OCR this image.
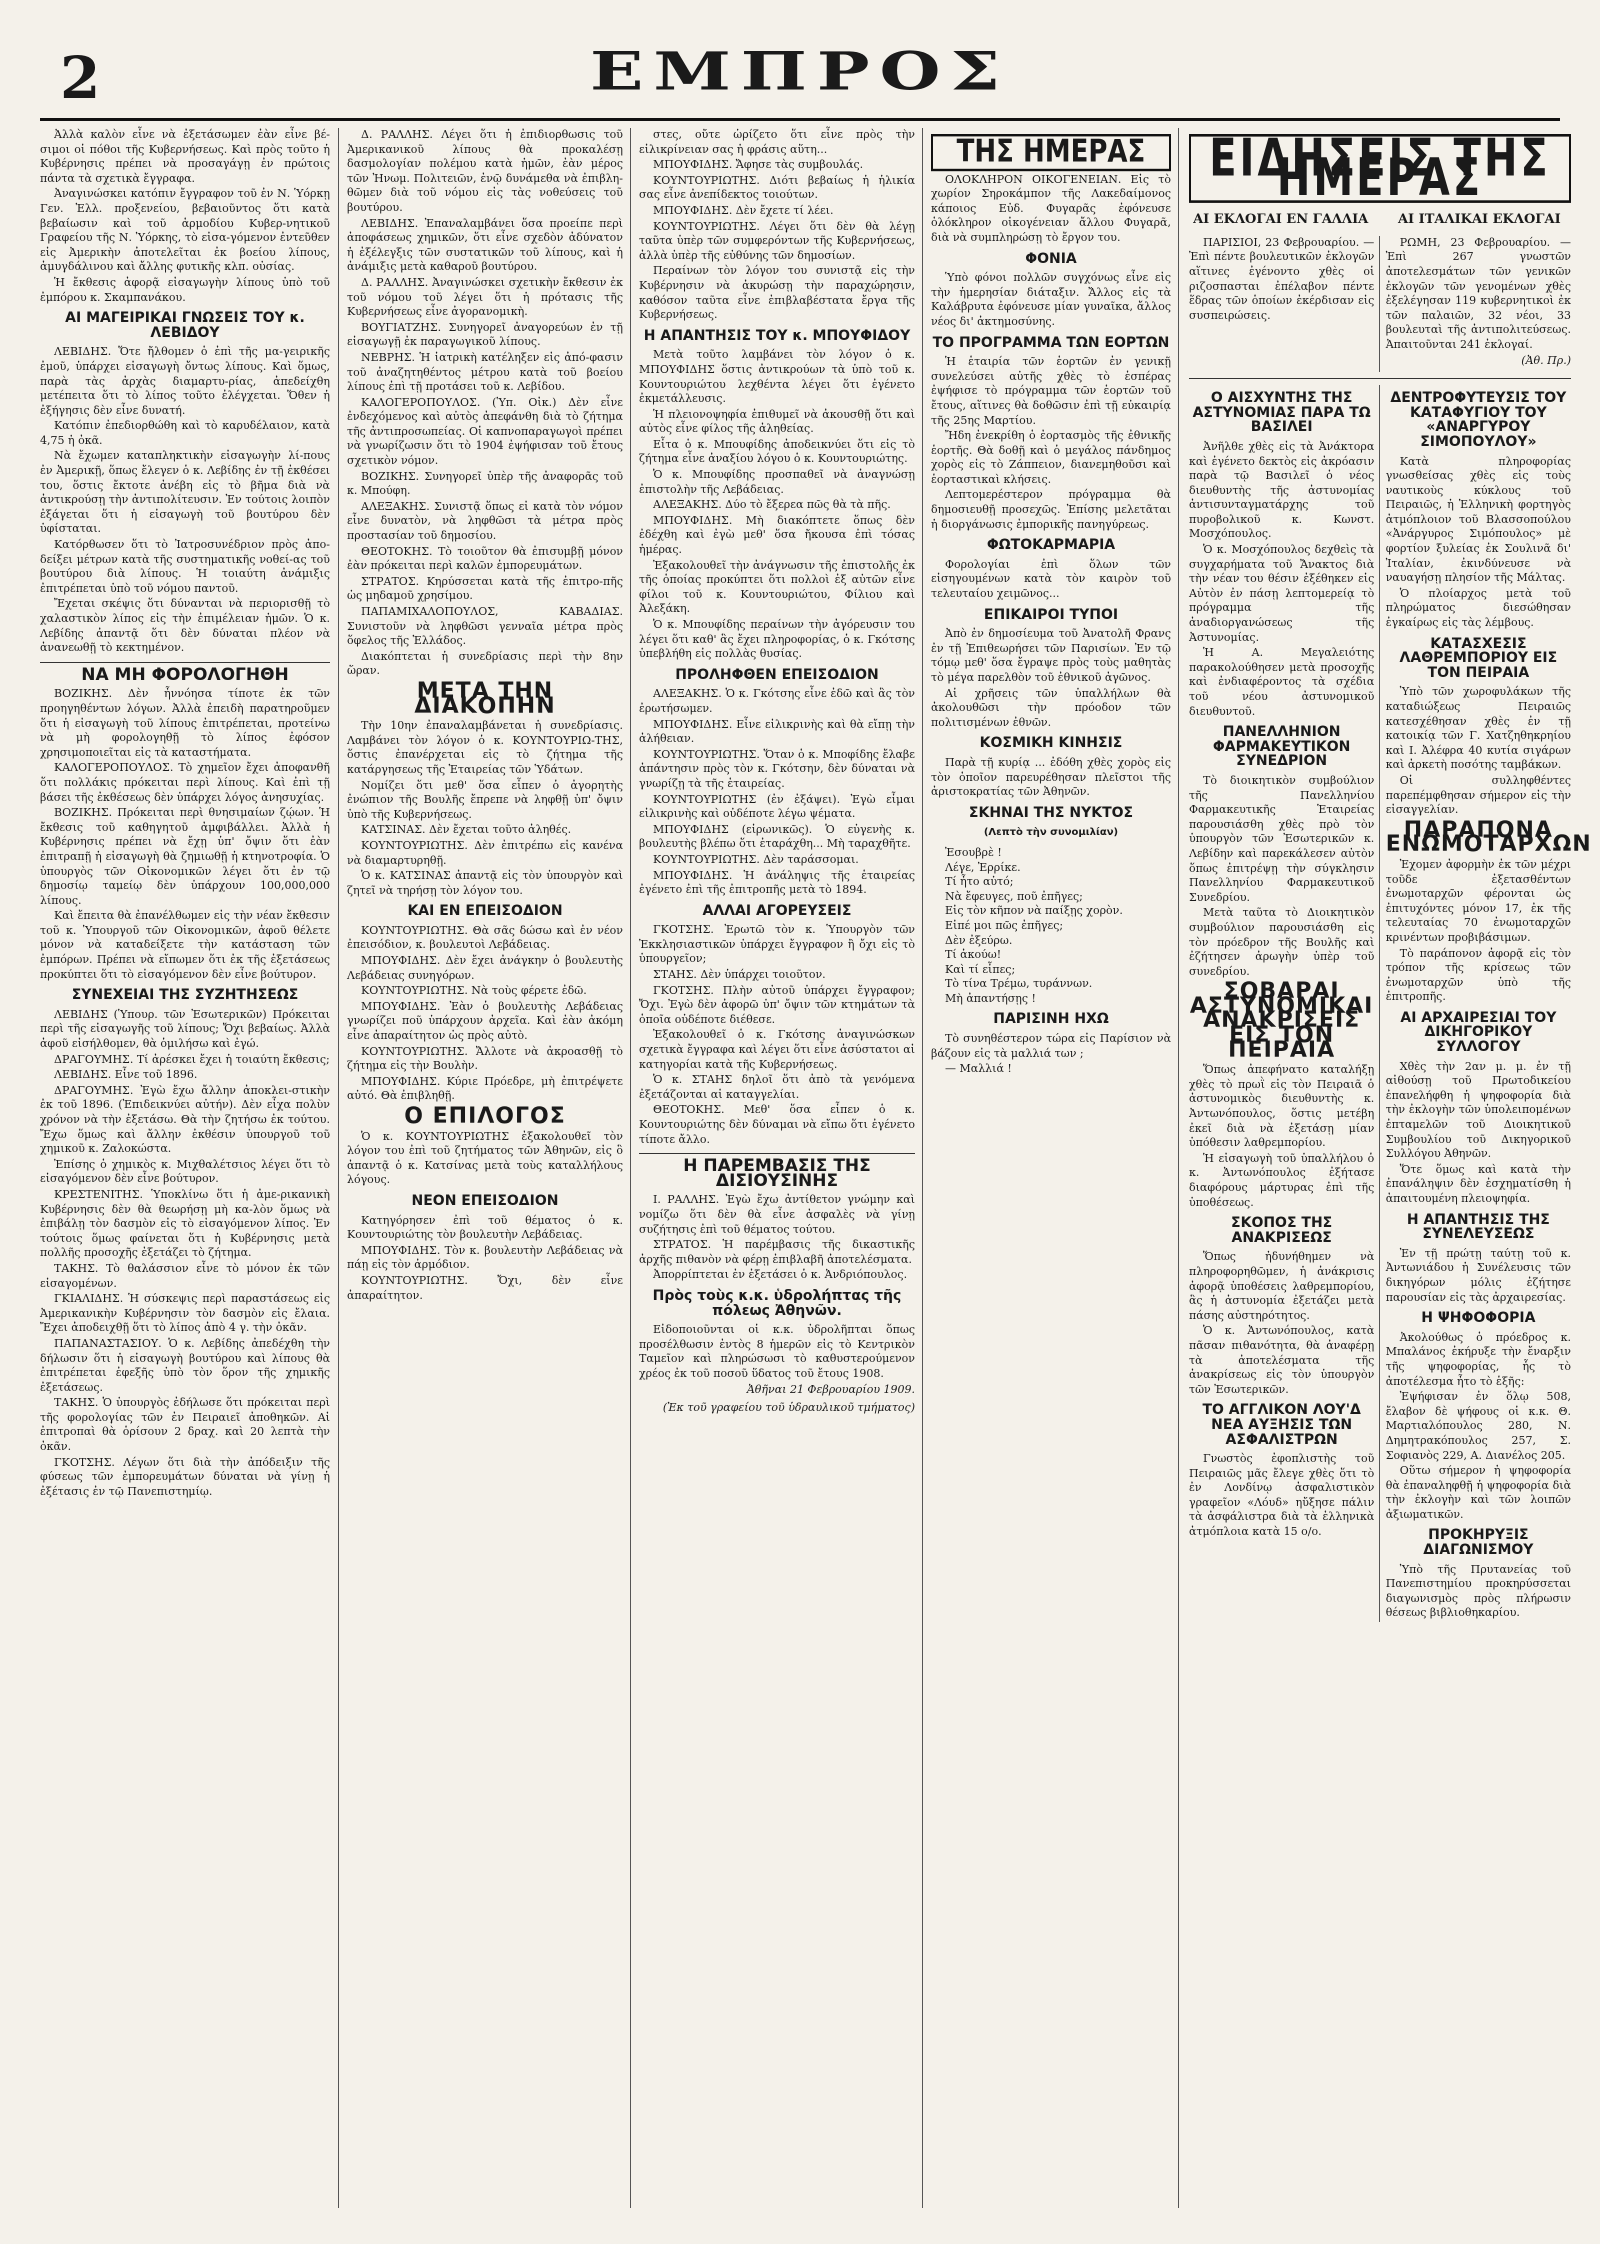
2	ΕΜΠΡΟΣ

Ἀλλὰ καλὸν εἶνε νὰ ἐξετάσωμεν ἐὰν εἶνε βέ-σιμοι οἱ πόθοι τῆς Κυβερνήσεως. Καὶ πρὸς τοῦτο ἡ Κυβέρνησις πρέπει νὰ προσαγάγῃ ἐν πρώτοις πάντα τὰ σχετικὰ ἔγγραφα.

Ἀναγινώσκει κατόπιν ἔγγραφον τοῦ ἐν Ν. Ὑόρκῃ Γεν. Ἑλλ. προξενείου, βεβαιοῦντος ὅτι κατὰ βεβαίωσιν καὶ τοῦ ἁρμοδίου Κυβερ-νητικοῦ Γραφείου τῆς Ν. Ὑόρκης, τὸ εἰσα-γόμενον ἐντεῦθεν εἰς Ἀμερικὴν ἀποτελεῖται ἐκ βοείου λίπους, ἀμυγδάλινου καὶ ἄλλης φυτικῆς κλπ. οὐσίας.

Ἡ ἔκθεσις ἀφορᾷ εἰσαγωγὴν λίπους ὑπὸ τοῦ ἐμπόρου κ. Σκαμπανάκου.

ΑΙ ΜΑΓΕΙΡΙΚΑΙ ΓΝΩΣΕΙΣ ΤΟΥ κ. ΛΕΒΙΔΟΥ

ΛΕΒΙΔΗΣ. Ὅτε ἤλθομεν ὁ ἐπὶ τῆς μα-γειρικῆς ἐμοῦ, ὑπάρχει εἰσαγωγὴ ὄντως λίπους. Καὶ ὅμως, παρὰ τὰς ἀρχὰς διαμαρτυ-ρίας, ἀπεδείχθη μετέπειτα ὅτι τὸ λίπος τοῦτο ἐλέγχεται. Ὅθεν ἡ ἐξήγησις δὲν εἶνε δυνατή.

Κατόπιν ἐπεδιορθώθη καὶ τὸ καρυδέλαιον, κατὰ 4,75 ἡ ὀκᾶ.

Νὰ ἔχωμεν καταπληκτικὴν εἰσαγωγὴν λί-πους ἐν Ἀμερικῇ, ὅπως ἔλεγεν ὁ κ. Λεβίδης ἐν τῇ ἐκθέσει του, ὅστις ἔκτοτε ἀνέβη εἰς τὸ βῆμα διὰ νὰ ἀντικρούσῃ τὴν ἀντιπολίτευσιν. Ἐν τούτοις λοιπὸν ἐξάγεται ὅτι ἡ εἰσαγωγὴ τοῦ βουτύρου δὲν ὑφίσταται.

Κατόρθωσεν ὅτι τὸ Ἰατροσυνέδριον πρὸς ἀπο-δείξει μέτρων κατὰ τῆς συστηματικῆς νοθεί-ας τοῦ βουτύρου διὰ λίπους. Ἡ τοιαύτη ἀνάμιξις ἐπιτρέπεται ὑπὸ τοῦ νόμου παντοῦ.

Ἔχεται σκέψις ὅτι δύνανται νὰ περιορισθῇ τὸ χαλαστικὸν λίπος εἰς τὴν ἐπιμέλειαν ἡμῶν. Ὁ κ. Λεβίδης ἀπαντᾷ ὅτι δὲν δύναται πλέον νὰ ἀνανεωθῇ τὸ κεκτημένον.

ΝΑ ΜΗ ΦΟΡΟΛΟΓΗΘΗ

ΒΟΖΙΚΗΣ. Δὲν ἦννόησα τίποτε ἐκ τῶν προηγηθέντων λόγων. Ἀλλὰ ἐπειδὴ παρατηροῦμεν ὅτι ἡ εἰσαγωγὴ τοῦ λίπους ἐπιτρέπεται, προτείνω νὰ μὴ φορολογηθῇ τὸ λίπος ἐφόσον χρησιμοποιεῖται εἰς τὰ καταστήματα.

ΚΑΛΟΓΕΡΟΠΟΥΛΟΣ. Τὸ χημεῖον ἔχει ἀποφανθῆ ὅτι πολλάκις πρόκειται περὶ λίπους. Καὶ ἐπὶ τῇ βάσει τῆς ἐκθέσεως δὲν ὑπάρχει λόγος ἀνησυχίας.

ΒΟΖΙΚΗΣ. Πρόκειται περὶ θνησιμαίων ζῴων. Ἡ ἔκθεσις τοῦ καθηγητοῦ ἀμφιβάλλει. Ἀλλὰ ἡ Κυβέρνησις πρέπει νὰ ἔχῃ ὑπ' ὄψιν ὅτι ἐὰν ἐπιτραπῇ ἡ εἰσαγωγὴ θὰ ζημιωθῇ ἡ κτηνοτροφία. Ὁ ὑπουργὸς τῶν Οἰκονομικῶν λέγει ὅτι ἐν τῷ δημοσίῳ ταμείῳ δὲν ὑπάρχουν 100,000,000 λίπους.

Καὶ ἔπειτα θὰ ἐπανέλθωμεν εἰς τὴν νέαν ἔκθεσιν τοῦ κ. Ὑπουργοῦ τῶν Οἰκονομικῶν, ἀφοῦ θέλετε μόνον νὰ καταδείξετε τὴν κατάσταση τῶν ἐμπόρων. Πρέπει νὰ εἴπωμεν ὅτι ἐκ τῆς ἐξετάσεως προκύπτει ὅτι τὸ εἰσαγόμενον δὲν εἶνε βούτυρον.

ΣΥΝΕΧΕΙΑΙ ΤΗΣ ΣΥΖΗΤΗΣΕΩΣ

ΛΕΒΙΔΗΣ (Ὑπουρ. τῶν Ἐσωτερικῶν) Πρόκειται περὶ τῆς εἰσαγωγῆς τοῦ λίπους; Ὄχι βεβαίως. Ἀλλὰ ἀφοῦ εἰσήλθομεν, θὰ ὁμιλήσω καὶ ἐγώ.

ΔΡΑΓΟΥΜΗΣ. Τί ἀρέσκει ἔχει ἡ τοιαύτη ἔκθεσις;

ΛΕΒΙΔΗΣ. Εἶνε τοῦ 1896.

ΔΡΑΓΟΥΜΗΣ. Ἐγὼ ἔχω ἄλλην ἀποκλει-στικὴν ἐκ τοῦ 1896. (Ἐπιδεικνύει αὐτήν). Δὲν εἶχα πολὺν χρόνον νὰ τὴν ἐξετάσω. Θὰ τὴν ζητήσω ἐκ τούτου. Ἔχω ὅμως καὶ ἄλλην ἐκθέσιν ὑπουργοῦ τοῦ χημικοῦ κ. Ζαλοκώστα.

Ἐπίσης ὁ χημικὸς κ. Μιχθαλέτσιος λέγει ὅτι τὸ εἰσαγόμενον δὲν εἶνε βούτυρον.

ΚΡΕΣΤΕΝΙΤΗΣ. Ὑποκλίνω ὅτι ἡ ἀμε-ρικανικὴ Κυβέρνησις δὲν θὰ θεωρήσῃ μὴ κα-λὸν ὅμως νὰ ἐπιβάλῃ τὸν δασμὸν εἰς τὸ εἰσαγόμενον λίπος. Ἐν τούτοις ὅμως φαίνεται ὅτι ἡ Κυβέρνησις μετὰ πολλῆς προσοχῆς ἐξετάζει τὸ ζήτημα.

ΤΑΚΗΣ. Τὸ θαλάσσιον εἶνε τὸ μόνον ἐκ τῶν εἰσαγομένων.

ΓΚΙΑΛΙΔΗΣ. Ἡ σύσκεψις περὶ παραστάσεως εἰς Ἀμερικανικὴν Κυβέρνησιν τὸν δασμὸν εἰς ἔλαια. Ἔχει ἀποδειχθῇ ὅτι τὸ λίπος ἀπὸ 4 γ. τὴν ὀκᾶν.

ΠΑΠΑΝΑΣΤΑΣΙΟΥ. Ὁ κ. Λεβίδης ἀπεδέχθη τὴν δήλωσιν ὅτι ἡ εἰσαγωγὴ βουτύρου καὶ λίπους θὰ ἐπιτρέπεται ἐφεξῆς ὑπὸ τὸν ὅρον τῆς χημικῆς ἐξετάσεως.

ΤΑΚΗΣ. Ὁ ὑπουργὸς ἐδήλωσε ὅτι πρόκειται περὶ τῆς φορολογίας τῶν ἐν Πειραιεῖ ἀποθηκῶν. Αἱ ἐπιτροπαὶ θὰ ὁρίσουν 2 δραχ. καὶ 20 λεπτὰ τὴν ὀκᾶν.

ΓΚΟΤΣΗΣ. Λέγων ὅτι διὰ τὴν ἀπόδειξιν τῆς φύσεως τῶν ἐμπορευμάτων δύναται νὰ γίνῃ ἡ ἐξέτασις ἐν τῷ Πανεπιστημίῳ.

Δ. ΡΑΛΛΗΣ. Λέγει ὅτι ἡ ἐπιδιορθωσις τοῦ Ἀμερικανικοῦ λίπους θὰ προκαλέσῃ δασμολογίαν πολέμου κατὰ ἡμῶν, ἐὰν μέρος τῶν Ἠνωμ. Πολιτειῶν, ἐνῷ δυνάμεθα νὰ ἐπιβλη-θῶμεν διὰ τοῦ νόμου εἰς τὰς νοθεύσεις τοῦ βουτύρου.

ΛΕΒΙΔΗΣ. Ἐπαναλαμβάνει ὅσα προείπε περὶ ἀποφάσεως χημικῶν, ὅτι εἶνε σχεδὸν ἀδύνατον ἡ ἐξέλεγξις τῶν συστατικῶν τοῦ λίπους, καὶ ἡ ἀνάμιξις μετὰ καθαροῦ βουτύρου.

Δ. ΡΑΛΛΗΣ. Ἀναγινώσκει σχετικὴν ἔκθεσιν ἐκ τοῦ νόμου τοῦ λέγει ὅτι ἡ πρότασις τῆς Κυβερνήσεως εἶνε ἀγορανομικὴ.

ΒΟΥΓΙΑΤΖΗΣ. Συνηγορεῖ ἀναγορεύων ἐν τῇ εἰσαγωγῇ ἐκ παραγωγικοῦ λίπους.

ΝΕΒΡΗΣ. Ἡ ἰατρικὴ κατέληξεν εἰς ἀπό-φασιν τοῦ ἀναζητηθέντος μέτρου κατὰ τοῦ βοείου λίπους ἐπὶ τῇ προτάσει τοῦ κ. Λεβίδου.

ΚΑΛΟΓΕΡΟΠΟΥΛΟΣ. (Ὑπ. Οἰκ.) Δὲν εἶνε ἐνδεχόμενος καὶ αὐτὸς ἀπεφάνθη διὰ τὸ ζήτημα τῆς ἀντιπροσωπείας. Οἱ καπνοπαραγωγοὶ πρέπει νὰ γνωρίζωσιν ὅτι τὸ 1904 ἐψήφισαν τοῦ ἔτους σχετικὸν νόμον.

ΒΟΖΙΚΗΣ. Συνηγορεῖ ὑπὲρ τῆς ἀναφορᾶς τοῦ κ. Μπούφη.

ΑΛΕΞΑΚΗΣ. Συνιστᾷ ὅπως εἰ κατὰ τὸν νόμον εἶνε δυνατὸν, νὰ ληφθῶσι τὰ μέτρα πρὸς προστασίαν τοῦ δημοσίου.

ΘΕΟΤΟΚΗΣ. Τὸ τοιοῦτον θὰ ἐπισυμβῇ μόνον ἐὰν πρόκειται περὶ καλῶν ἐμπορευμάτων.

ΣΤΡΑΤΟΣ. Κηρύσσεται κατὰ τῆς ἐπιτρο-πῆς ὡς μηδαμοῦ χρησίμου.

ΠΑΠΑΜΙΧΑΛΟΠΟΥΛΟΣ, ΚΑΒΑΔΙΑΣ. Συνιστοῦν νὰ ληφθῶσι γενναῖα μέτρα πρὸς ὅφελος τῆς Ἑλλάδος.

Διακόπτεται ἡ συνεδρίασις περὶ τὴν 8ην ὥραν.

ΜΕΤΑ ΤΗΝ ΔΙΑΚΟΠΗΝ

Τὴν 10ην ἐπαναλαμβάνεται ἡ συνεδρίασις. Λαμβάνει τὸν λόγον ὁ κ. ΚΟΥΝΤΟΥΡΙΩ-ΤΗΣ, ὅστις ἐπανέρχεται εἰς τὸ ζήτημα τῆς κατάργησεως τῆς Ἑταιρείας τῶν Ὑδάτων.

Νομίζει ὅτι μεθ' ὅσα εἶπεν ὁ ἀγορητὴς ἐνώπιον τῆς Βουλῆς ἔπρεπε νὰ ληφθῇ ὑπ' ὄψιν ὑπὸ τῆς Κυβερνήσεως.

ΚΑΤΣΙΝΑΣ. Δὲν ἔχεται τοῦτο ἀληθές.

ΚΟΥΝΤΟΥΡΙΩΤΗΣ. Δὲν ἐπιτρέπω εἰς κανένα νὰ διαμαρτυρηθῇ.

Ὁ κ. ΚΑΤΣΙΝΑΣ ἀπαντᾷ εἰς τὸν ὑπουργὸν καὶ ζητεῖ νὰ τηρήσῃ τὸν λόγον του.

ΚΑΙ ΕΝ ΕΠΕΙΣΟΔΙΟΝ

ΚΟΥΝΤΟΥΡΙΩΤΗΣ. Θὰ σᾶς δώσω καὶ ἐν νέον ἐπεισόδιον, κ. βουλευτοὶ Λεβάδειας.

ΜΠΟΥΦΙΔΗΣ. Δὲν ἔχει ἀνάγκην ὁ βουλευτὴς Λεβάδειας συνηγόρων.

ΚΟΥΝΤΟΥΡΙΩΤΗΣ. Νὰ τοὺς φέρετε ἐδῶ.

ΜΠΟΥΦΙΔΗΣ. Ἐὰν ὁ βουλευτὴς Λεβάδειας γνωρίζει ποῦ ὑπάρχουν ἀρχεῖα. Καὶ ἐὰν ἀκόμη εἶνε ἀπαραίτητον ὡς πρὸς αὐτὸ.

ΚΟΥΝΤΟΥΡΙΩΤΗΣ. Ἄλλοτε νὰ ἀκροασθῇ τὸ ζήτημα εἰς τὴν Βουλὴν.

ΜΠΟΥΦΙΔΗΣ. Κύριε Πρόεδρε, μὴ ἐπιτρέψετε αὐτό. Θὰ ἐπιβληθῇ.

Ο ΕΠΙΛΟΓΟΣ

Ὁ κ. ΚΟΥΝΤΟΥΡΙΩΤΗΣ ἐξακολουθεῖ τὸν λόγον του ἐπὶ τοῦ ζητήματος τῶν Ἀθηνῶν, εἰς ὃ ἀπαντᾷ ὁ κ. Κατσίνας μετὰ τοὺς καταλλήλους λόγους.

ΝΕΟΝ ΕΠΕΙΣΟΔΙΟΝ

Κατηγόρησεν ἐπὶ τοῦ θέματος ὁ κ. Κουντουριώτης τὸν βουλευτὴν Λεβάδειας.

ΜΠΟΥΦΙΔΗΣ. Τὸν κ. βουλευτὴν Λεβάδειας νὰ πάῃ εἰς τὸν ἀρμόδιον.

ΚΟΥΝΤΟΥΡΙΩΤΗΣ. Ὄχι, δὲν εἶνε ἀπαραίτητον.

στες, οὔτε ὡρίζετο ὅτι εἶνε πρὸς τὴν εἰλικρίνειαν σας ἡ φράσις αὕτη...

ΜΠΟΥΦΙΔΗΣ. Ἄφησε τὰς συμβουλάς.

ΚΟΥΝΤΟΥΡΙΩΤΗΣ. Διότι βεβαίως ἡ ἡλικία σας εἶνε ἀνεπίδεκτος τοιούτων.

ΜΠΟΥΦΙΔΗΣ. Δὲν ἔχετε τί λέει.

ΚΟΥΝΤΟΥΡΙΩΤΗΣ. Λέγει ὅτι δὲν θὰ λέγῃ ταῦτα ὑπὲρ τῶν συμφερόντων τῆς Κυβερνήσεως, ἀλλὰ ὑπὲρ τῆς εὐθύνης τῶν δημοσίων.

Περαίνων τὸν λόγον του συνιστᾷ εἰς τὴν Κυβέρνησιν νὰ ἀκυρώσῃ τὴν παραχώρησιν, καθόσον ταῦτα εἶνε ἐπιβλαβέστατα ἔργα τῆς Κυβερνήσεως.

Η ΑΠΑΝΤΗΣΙΣ ΤΟΥ κ. ΜΠΟΥΦΙΔΟΥ

Μετὰ τοῦτο λαμβάνει τὸν λόγον ὁ κ. ΜΠΟΥΦΙΔΗΣ ὅστις ἀντικρούων τὰ ὑπὸ τοῦ κ. Κουντουριώτου λεχθέντα λέγει ὅτι ἐγένετο ἐκμετάλλευσις.

Ἡ πλειονοψηφία ἐπιθυμεῖ νὰ ἀκουσθῇ ὅτι καὶ αὐτὸς εἶνε φίλος τῆς ἀληθείας.

Εἶτα ὁ κ. Μπουφίδης ἀποδεικνύει ὅτι εἰς τὸ ζήτημα εἶνε ἀναξίου λόγου ὁ κ. Κουντουριώτης.

Ὁ κ. Μπουφίδης προσπαθεῖ νὰ ἀναγνώσῃ ἐπιστολὴν τῆς Λεβάδειας.

ΑΛΕΞΑΚΗΣ. Δύο τὸ ἔξερεα πῶς θὰ τὰ πῆς.

ΜΠΟΥΦΙΔΗΣ. Μὴ διακόπτετε ὅπως δὲν ἐδέχθη καὶ ἐγὼ μεθ' ὅσα ἤκουσα ἐπὶ τόσας ἡμέρας.

Ἐξακολουθεῖ τὴν ἀνάγνωσιν τῆς ἐπιστολῆς ἐκ τῆς ὁποίας προκύπτει ὅτι πολλοὶ ἐξ αὐτῶν εἶνε φίλοι τοῦ κ. Κουντουριώτου, Φίλιου καὶ Ἀλεξάκη.

Ὁ κ. Μπουφίδης περαίνων τὴν ἀγόρευσιν του λέγει ὅτι καθ' ἃς ἔχει πληροφορίας, ὁ κ. Γκότσης ὑπεβλήθη εἰς πολλὰς θυσίας.

ΠΡΟΛΗΦΘΕΝ ΕΠΕΙΣΟΔΙΟΝ

ΑΛΕΞΑΚΗΣ. Ὁ κ. Γκότσης εἶνε ἐδῶ καὶ ἂς τὸν ἐρωτήσωμεν.

ΜΠΟΥΦΙΔΗΣ. Εἶνε εἰλικρινὴς καὶ θὰ εἴπῃ τὴν ἀλήθειαν.

ΚΟΥΝΤΟΥΡΙΩΤΗΣ. Ὅταν ὁ κ. Μποφίδης ἔλαβε ἀπάντησιν πρὸς τὸν κ. Γκότσην, δὲν δύναται νὰ γνωρίζῃ τὰ τῆς ἑταιρείας.

ΚΟΥΝΤΟΥΡΙΩΤΗΣ (ἐν ἐξάψει). Ἐγὼ εἶμαι εἰλικρινὴς καὶ οὐδέποτε λέγω ψέματα.

ΜΠΟΥΦΙΔΗΣ (εἰρωνικῶς). Ὁ εὐγενὴς κ. βουλευτὴς βλέπω ὅτι ἐταράχθη... Μὴ ταραχθῆτε.

ΚΟΥΝΤΟΥΡΙΩΤΗΣ. Δὲν ταράσσομαι.

ΜΠΟΥΦΙΔΗΣ. Ἡ ἀνάληψις τῆς ἑταιρείας ἐγένετο ἐπὶ τῆς ἐπιτροπῆς μετὰ τὸ 1894.

ΑΛΛΑΙ ΑΓΟΡΕΥΣΕΙΣ

ΓΚΟΤΣΗΣ. Ἐρωτῶ τὸν κ. Ὑπουργὸν τῶν Ἐκκλησιαστικῶν ὑπάρχει ἔγγραφον ἢ ὄχι εἰς τὸ ὑπουργεῖον;

ΣΤΑΗΣ. Δὲν ὑπάρχει τοιοῦτον.

ΓΚΟΤΣΗΣ. Πλὴν αὐτοῦ ὑπάρχει ἔγγραφον; Ὄχι. Ἐγὼ δὲν ἀφορῶ ὑπ' ὄψιν τῶν κτημάτων τὰ ὁποῖα οὐδέποτε διέθεσε.

Ἐξακολουθεῖ ὁ κ. Γκότσης ἀναγινώσκων σχετικὰ ἔγγραφα καὶ λέγει ὅτι εἶνε ἀσύστατοι αἱ κατηγορίαι κατὰ τῆς Κυβερνήσεως.

Ὁ κ. ΣΤΑΗΣ δηλοῖ ὅτι ἀπὸ τὰ γενόμενα ἐξετάζονται αἱ καταγγελίαι.

ΘΕΟΤΟΚΗΣ. Μεθ' ὅσα εἶπεν ὁ κ. Κουντουριώτης δὲν δύναμαι νὰ εἴπω ὅτι ἐγένετο τίποτε ἄλλο.

Η ΠΑΡΕΜΒΑΣΙΣ ΤΗΣ ΔΙΣΙΟΥΣΙΝΗΣ

Ι. ΡΑΛΛΗΣ. Ἐγὼ ἔχω ἀντίθετον γνώμην καὶ νομίζω ὅτι δὲν θὰ εἶνε ἀσφαλὲς νὰ γίνῃ συζήτησις ἐπὶ τοῦ θέματος τούτου.

ΣΤΡΑΤΟΣ. Ἡ παρέμβασις τῆς δικαστικῆς ἀρχῆς πιθανὸν νὰ φέρῃ ἐπιβλαβῆ ἀποτελέσματα.

Ἀπορρίπτεται ἐν ἐξετάσει ὁ κ. Ἀνδριόπουλος.

Πρὸς τοὺς κ.κ. ὑδρολήπτας τῆς πόλεως Ἀθηνῶν.

Εἰδοποιοῦνται οἱ κ.κ. ὑδρολῆπται ὅπως προσέλθωσιν ἐντὸς 8 ἡμερῶν εἰς τὸ Κεντρικὸν Ταμεῖον καὶ πληρώσωσι τὸ καθυστερούμενον χρέος ἐκ τοῦ ποσοῦ ὕδατος τοῦ ἔτους 1908.

Ἀθῆναι 21 Φεβρουαρίου 1909.
(Ἐκ τοῦ γραφείου τοῦ ὑδραυλικοῦ τμήματος)
ΤΗΣ ΗΜΕΡΑΣ

ΟΛΟΚΛΗΡΟΝ ΟΙΚΟΓΕΝΕΙΑΝ. Εἰς τὸ χωρίον Σηροκάμπον τῆς Λακεδαίμονος κάποιος Εὐδ. Φυγαρᾶς ἐφόνευσε ὁλόκληρον οἰκογένειαν ἄλλου Φυγαρᾶ, διὰ νὰ συμπληρώσῃ τὸ ἔργον του.

ΦΟΝΙΑ

Ὑπὸ φόνοι πολλῶν συγχόνως εἶνε εἰς τὴν ἡμερησίαν διάταξιν. Ἄλλος εἰς τὰ Καλάβρυτα ἐφόνευσε μίαν γυναῖκα, ἄλλος νέος δι' ἀκτημοσύνης.

ΤΟ ΠΡΟΓΡΑΜΜΑ ΤΩΝ ΕΟΡΤΩΝ

Ἡ ἑταιρία τῶν ἑορτῶν ἐν γενικῇ συνελεύσει αὐτῆς χθὲς τὸ ἑσπέρας ἐψήφισε τὸ πρόγραμμα τῶν ἑορτῶν τοῦ ἔτους, αἵτινες θὰ δοθῶσιν ἐπὶ τῇ εὐκαιρίᾳ τῆς 25ης Μαρτίου.

Ἤδη ἐνεκρίθη ὁ ἐορτασμὸς τῆς ἐθνικῆς ἑορτῆς. Θὰ δοθῇ καὶ ὁ μεγάλος πάνδημος χορὸς εἰς τὸ Ζάππειον, διανεμηθοῦσι καὶ ἑορταστικαὶ κλήσεις.

Λεπτομερέστερον πρόγραμμα θὰ δημοσιευθῇ προσεχῶς. Ἐπίσης μελετᾶται ἡ διοργάνωσις ἐμπορικῆς πανηγύρεως.

ΦΩΤΟΚΑΡΜΑΡΙΑ

Φορολογίαι ἐπὶ ὅλων τῶν εἰσηγουμένων κατὰ τὸν καιρὸν τοῦ τελευταίου χειμῶνος...

ΕΠΙΚΑΙΡΟΙ ΤΥΠΟΙ

Ἀπὸ ἐν δημοσίευμα τοῦ Ἀνατολῆ Φρανς ἐν τῇ Ἐπιθεωρήσει τῶν Παρισίων. Ἐν τῷ τόμῳ μεθ' ὅσα ἔγραψε πρὸς τοὺς μαθητὰς τὸ μέγα παρελθὸν τοῦ ἐθνικοῦ ἀγῶνος.

Αἱ χρῆσεις τῶν ὑπαλλήλων θὰ ἀκολουθῶσι τὴν πρόοδον τῶν πολιτισμένων ἐθνῶν.

ΚΟΣΜΙΚΗ ΚΙΝΗΣΙΣ

Παρὰ τῇ κυρίᾳ ... ἐδόθη χθὲς χορὸς εἰς τὸν ὁποῖον παρευρέθησαν πλεῖστοι τῆς ἀριστοκρατίας τῶν Ἀθηνῶν.

ΣΚΗΝΑΙ ΤΗΣ ΝΥΚΤΟΣ
(Λεπτὸ τὴν συνομιλίαν)
Ἐσουβρὲ !
Λέγε, Ἐρρίκε.
Τί ἦτο αὐτό;
Νὰ ἔφευγες, ποῦ ἐπῆγες;
Εἰς τὸν κῆπον νὰ παίξῃς χορὸν.
Εἰπέ μοι πῶς ἐπῆγες;
Δὲν ἐξεύρω.
Τί ἀκούω!
Καὶ τί εἶπες;
Τὸ τίνα Τρέμω, τυράννων.
Μὴ ἀπαντήσῃς !
ΠΑΡΙΣΙΝΗ ΗΧΩ

Τὸ συνηθέστερον τώρα εἰς Παρίσιον νὰ βάζουν εἰς τὰ μαλλιά των ;

— Μαλλιά !

ΕΙΔΗΣΕΙΣ ΤΗΣ ΗΜΕΡΑΣ
ΑΙ ΕΚΛΟΓΑΙ ΕΝ ΓΑΛΛΙΑ	ΑΙ ΙΤΑΛΙΚΑΙ ΕΚΛΟΓΑΙ

ΠΑΡΙΣΙΟΙ, 23 Φεβρουαρίου. — Ἐπὶ πέντε βουλευτικῶν ἐκλογῶν αἵτινες ἐγένοντο χθὲς οἱ ριζοσπασται ἐπέλαβον πέντε ἕδρας τῶν ὁποίων ἐκέρδισαν εἰς συσπειρώσεις.

ΡΩΜΗ, 23 Φεβρουαρίου. — Ἐπὶ 267 γνωστῶν ἀποτελεσμάτων τῶν γενικῶν ἐκλογῶν τῶν γενομένων χθὲς ἐξελέγησαν 119 κυβερνητικοὶ ἐκ τῶν παλαιῶν, 32 νέοι, 33 βουλευταὶ τῆς ἀντιπολιτεύσεως. Ἀπαιτοῦνται 241 ἐκλογαί.

(Ἀθ. Πρ.)
Ο ΑΙΣΧΥΝΤΗΣ ΤΗΣ ΑΣΤΥΝΟΜΙΑΣ ΠΑΡΑ ΤΩ ΒΑΣΙΛΕΙ

Ἀνῆλθε χθὲς εἰς τὰ Ἀνάκτορα καὶ ἐγένετο δεκτὸς εἰς ἀκρόασιν παρὰ τῷ Βασιλεῖ ὁ νέος διευθυντὴς τῆς ἀστυνομίας ἀντισυνταγματάρχης τοῦ πυροβολικοῦ κ. Κωνστ. Μοσχόπουλος.

Ὁ κ. Μοσχόπουλος δεχθεὶς τὰ συγχαρήματα τοῦ Ἄνακτος διὰ τὴν νέαν του θέσιν ἐξέθηκεν εἰς Αὐτὸν ἐν πάσῃ λεπτομερείᾳ τὸ πρόγραμμα τῆς ἀναδιοργανώσεως τῆς Ἀστυνομίας.

Ἡ Α. Μεγαλειότης παρακολούθησεν μετὰ προσοχῆς καὶ ἐνδιαφέροντος τὰ σχέδια τοῦ νέου ἀστυνομικοῦ διευθυντοῦ.

ΠΑΝΕΛΛΗΝΙΟΝ ΦΑΡΜΑΚΕΥΤΙΚΟΝ ΣΥΝΕΔΡΙΟΝ

Τὸ διοικητικὸν συμβούλιον τῆς Πανελληνίου Φαρμακευτικῆς Ἑταιρείας παρουσιάσθη χθὲς πρὸ τὸν ὑπουργὸν τῶν Ἐσωτερικῶν κ. Λεβίδην καὶ παρεκάλεσεν αὐτὸν ὅπως ἐπιτρέψῃ τὴν σύγκλησιν Πανελληνίου Φαρμακευτικοῦ Συνεδρίου.

Μετὰ ταῦτα τὸ Διοικητικὸν συμβούλιον παρουσιάσθη εἰς τὸν πρόεδρον τῆς Βουλῆς καὶ ἐζήτησεν ἀρωγὴν ὑπὲρ τοῦ συνεδρίου.

ΣΟΒΑΡΑΙ ΑΣΤΥΝΟΜΙΚΑΙ ΑΝΑΚΡΙΣΕΙΣ ΕΙΣ ΤΟΝ ΠΕΙΡΑΙΑ

Ὅπως ἀπεφήνατο καταλήξῃ χθὲς τὸ πρωῒ εἰς τὸν Πειραιᾶ ὁ ἀστυνομικὸς διευθυντὴς κ. Ἀντωνόπουλος, ὅστις μετέβη ἐκεῖ διὰ νὰ ἐξετάσῃ μίαν ὑπόθεσιν λαθρεμπορίου.

Ἡ εἰσαγωγὴ τοῦ ὑπαλλήλου ὁ κ. Ἀντωνόπουλος ἐξήτασε διαφόρους μάρτυρας ἐπὶ τῆς ὑποθέσεως.

ΣΚΟΠΟΣ ΤΗΣ ΑΝΑΚΡΙΣΕΩΣ

Ὅπως ἠδυνήθημεν νὰ πληροφορηθῶμεν, ἡ ἀνάκρισις ἀφορᾷ ὑποθέσεις λαθρεμπορίου, ἃς ἡ ἀστυνομία ἐξετάζει μετὰ πάσης αὐστηρότητος.

Ὁ κ. Ἀντωνόπουλος, κατὰ πᾶσαν πιθανότητα, θὰ ἀναφέρῃ τὰ ἀποτελέσματα τῆς ἀνακρίσεως εἰς τὸν ὑπουργὸν τῶν Ἐσωτερικῶν.

ΤΟ ΑΓΓΛΙΚΟΝ ΛΟΥ'Δ ΝΕΑ ΑΥΞΗΣΙΣ ΤΩΝ ΑΣΦΑΛΙΣΤΡΩΝ

Γνωστὸς ἐφοπλιστὴς τοῦ Πειραιῶς μᾶς ἔλεγε χθὲς ὅτι τὸ ἐν Λονδίνῳ ἀσφαλιστικὸν γραφεῖον «Λόυδ» ηὔξησε πάλιν τὰ ἀσφάλιστρα διὰ τὰ ἑλληνικὰ ἀτμόπλοια κατὰ 15 ο/ο.

ΔΕΝΤΡΟΦΥΤΕΥΣΙΣ ΤΟΥ ΚΑΤΑΦΥΓΙΟΥ ΤΟΥ «ΑΝΑΡΓΥΡΟΥ ΣΙΜΟΠΟΥΛΟΥ»

Κατὰ πληροφορίας γνωσθείσας χθὲς εἰς τοὺς ναυτικοὺς κύκλους τοῦ Πειραιῶς, ἡ Ἑλληνικὴ φορτηγὸς ἀτμόπλοιον τοῦ Βλασσοπούλου «Ἀνάργυρος Σιμόπουλος» μὲ φορτίον ξυλείας ἐκ Σουλινᾶ δι' Ἰταλίαν, ἐκινδύνευσε νὰ ναυαγήσῃ πλησίον τῆς Μάλτας.

Ὁ πλοίαρχος μετὰ τοῦ πληρώματος διεσώθησαν ἐγκαίρως εἰς τὰς λέμβους.

ΚΑΤΑΣΧΕΣΙΣ ΛΑΘΡΕΜΠΟΡΙΟΥ ΕΙΣ ΤΟΝ ΠΕΙΡΑΙΑ

Ὑπὸ τῶν χωροφυλάκων τῆς καταδιώξεως Πειραιῶς κατεσχέθησαν χθὲς ἐν τῇ κατοικίᾳ τῶν Γ. Χατζηθηκρηίου καὶ Ι. Ἀλέφρα 40 κυτία σιγάρων καὶ ἀρκετὴ ποσότης ταμβάκων.

Οἱ συλληφθέντες παρεπέμφθησαν σήμερον εἰς τὴν εἰσαγγελίαν.

ΠΑΡΑΠΟΝΑ ΕΝΩΜΟΤΑΡΧΩΝ

Ἐχομεν ἀφορμὴν ἐκ τῶν μέχρι τοῦδε ἐξετασθέντων ἐνωμοταρχῶν φέρονται ὡς ἐπιτυχόντες μόνον 17, ἐκ τῆς τελευταίας 70 ἐνωμοταρχῶν κρινέντων προβιβάσιμων.

Τὸ παράπονον ἀφορᾷ εἰς τὸν τρόπον τῆς κρίσεως τῶν ἐνωμοταρχῶν ὑπὸ τῆς ἐπιτροπῆς.

ΑΙ ΑΡΧΑΙΡΕΣΙΑΙ ΤΟΥ ΔΙΚΗΓΟΡΙΚΟΥ ΣΥΛΛΟΓΟΥ

Χθὲς τὴν 2αν μ. μ. ἐν τῇ αἰθούσῃ τοῦ Πρωτοδικείου ἐπανελήφθη ἡ ψηφοφορία διὰ τὴν ἐκλογὴν τῶν ὑπολειπομένων ἐπταμελῶν τοῦ Διοικητικοῦ Συμβουλίου τοῦ Δικηγορικοῦ Συλλόγου Ἀθηνῶν.

Ὅτε ὅμως καὶ κατὰ τὴν ἐπανάληψιν δὲν ἐσχηματίσθη ἡ ἀπαιτουμένη πλειοψηφία.

Η ΑΠΑΝΤΗΣΙΣ ΤΗΣ ΣΥΝΕΛΕΥΣΕΩΣ

Ἐν τῇ πρώτῃ ταύτῃ τοῦ κ. Ἀντωνιάδου ἡ Συνέλευσις τῶν δικηγόρων μόλις ἐζήτησε παρουσίαν εἰς τὰς ἀρχαιρεσίας.

Η ΨΗΦΟΦΟΡΙΑ

Ἀκολούθως ὁ πρόεδρος κ. Μπαλάνος ἐκήρυξε τὴν ἔναρξιν τῆς ψηφοφορίας, ἧς τὸ ἀποτέλεσμα ἦτο τὸ ἑξῆς:

Ἐψήφισαν ἐν ὅλῳ 508, ἔλαβον δὲ ψήφους οἱ κ.κ. Θ. Μαρτιαλόπουλος 280, Ν. Δημητρακόπουλος 257, Σ. Σοφιανὸς 229, Α. Διανέλος 205.

Οὕτω σήμερον ἡ ψηφοφορία θὰ ἐπαναληφθῇ ἡ ψηφοφορία διὰ τὴν ἐκλογὴν καὶ τῶν λοιπῶν ἀξιωματικῶν.

ΠΡΟΚΗΡΥΞΙΣ ΔΙΑΓΩΝΙΣΜΟΥ

Ὑπὸ τῆς Πρυτανείας τοῦ Πανεπιστημίου προκηρύσσεται διαγωνισμὸς πρὸς πλήρωσιν θέσεως βιβλιοθηκαρίου.
